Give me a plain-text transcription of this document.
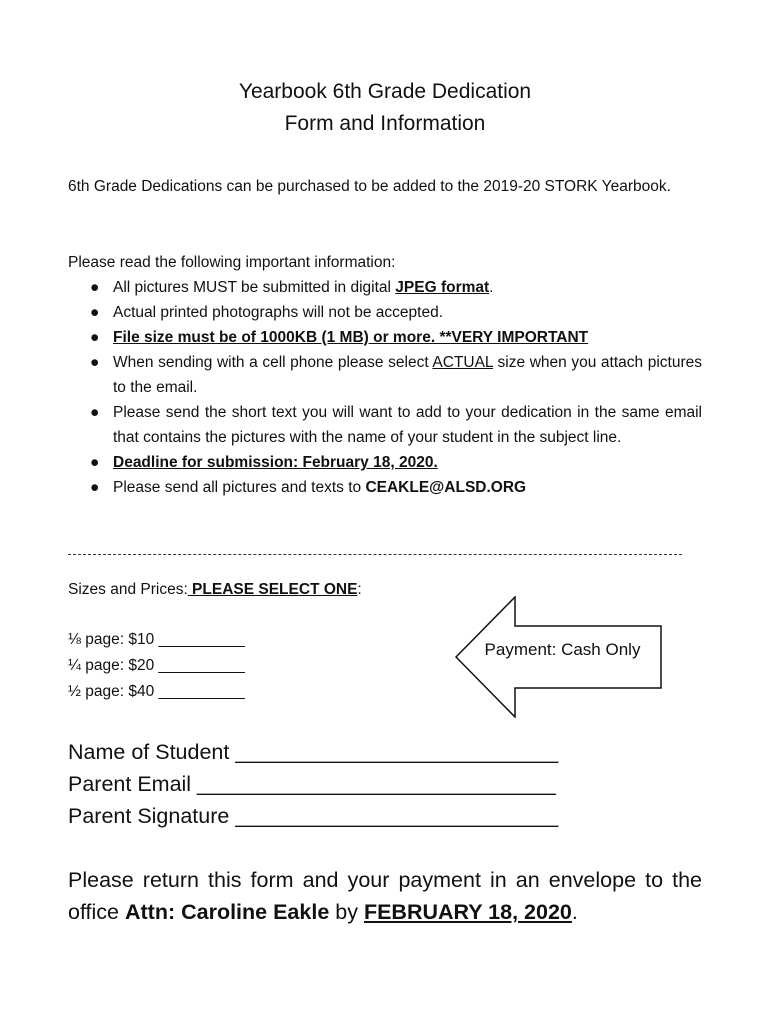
Yearbook 6th Grade Dedication
Form and Information
6th Grade Dedications can be purchased to be added to the 2019-20 STORK Yearbook.
Please read the following important information:
● All pictures MUST be submitted in digital JPEG format.
● Actual printed photographs will not be accepted.
● File size must be of 1000KB (1 MB) or more. **VERY IMPORTANT
● When sending with a cell phone please select ACTUAL size when you attach pictures to the email.
● Please send the short text you will want to add to your dedication in the same email that contains the pictures with the name of your student in the subject line.
● Deadline for submission: February 18, 2020.
● Please send all pictures and texts to CEAKLE@ALSD.ORG
Sizes and Prices: PLEASE SELECT ONE:
⅛ page: $10 __________
¼ page: $20 __________
½ page: $40 __________
Payment: Cash Only
Name of Student ___________________________
Parent Email ______________________________
Parent Signature ___________________________
Please return this form and your payment in an envelope to the office Attn: Caroline Eakle by FEBRUARY 18, 2020.
